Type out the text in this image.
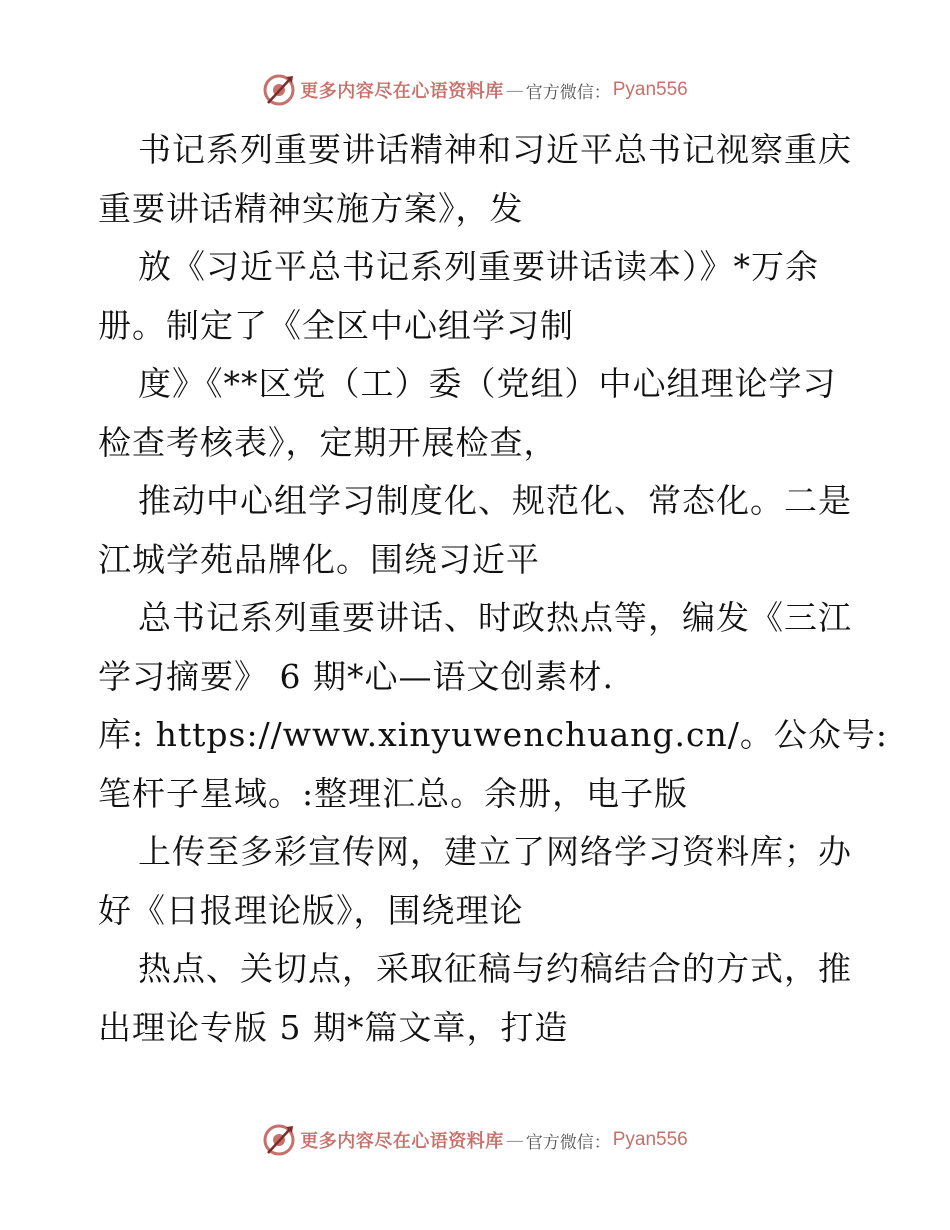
更多内容尽在心语资料库 — 官方微信： Pyan556
书记系列重要讲话精神和习近平总书记视察重庆
重要讲话精神实施方案》，发
放《习近平总书记系列重要讲话读本）》*万余
册。制定了《全区中心组学习制
度》《**区党（工）委（党组）中心组理论学习
检查考核表》，定期开展检查，
推动中心组学习制度化、规范化、常态化。二是
江城学苑品牌化。围绕习近平
总书记系列重要讲话、时政热点等，编发《三江
学习摘要》 6 期*心—语文创素材.
库: https://www.xinyuwenchuang.cn/。公众号:
笔杆子星域。:整理汇总。余册，电子版
上传至多彩宣传网，建立了网络学习资料库；办
好《日报理论版》，围绕理论
热点、关切点，采取征稿与约稿结合的方式，推
出理论专版 5 期*篇文章，打造
更多内容尽在心语资料库 — 官方微信： Pyan556
